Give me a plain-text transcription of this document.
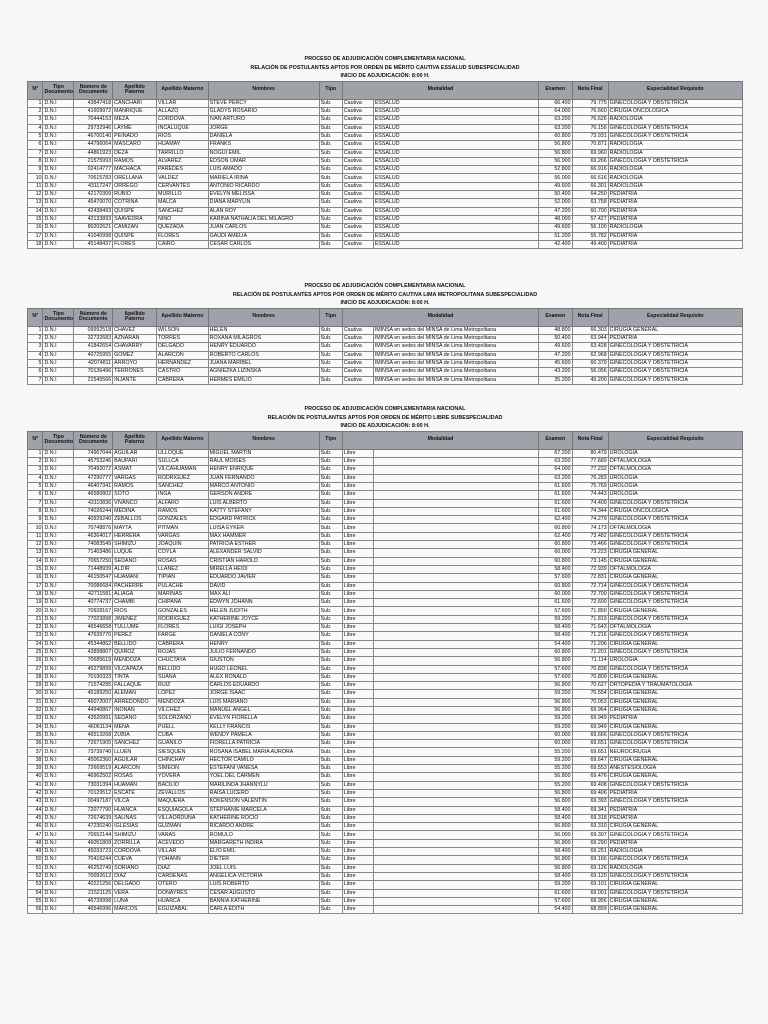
PROCESO DE ADJUDICACIÓN COMPLEMENTARIA NACIONAL
RELACIÓN DE POSTULANTES APTOS POR ORDEN DE MÉRITO CAUTIVA ESSALUD SUBESPECIALIDAD
INICIO DE ADJUDICACIÓN: 8:00 H.
N°	Tipo Documento	Número de Documento	Apellido Paterno	Apellido Materno	Nombres	Tipo	Modalidad		Examen	Nota Final	Especialidad Requisito
1	D.N.I	43847418	CANCHARI	VILLAR	STEVE PERCY	Sub.	Cautiva	ESSALUD	66.400	79.775	GINECOLOGIA Y OBSTETRICIA
2	D.N.I	41609972	MANRIQUE	ALLAZO	GLADYS ROSARIO	Sub.	Cautiva	ESSALUD	64.000	76.660	CIRUGIA ONCOLOGICA
3	D.N.I	70444153	MEZA	CORDOVA	IVAN ARTURO	Sub.	Cautiva	ESSALUD	63.200	76.626	RADIOLOGIA
4	D.N.I	29732946	LAYME	INCALUQUE	JORGE	Sub.	Cautiva	ESSALUD	63.200	76.156	GINECOLOGIA Y OBSTETRICIA
5	D.N.I	46700140	PEINADO	RIOS	DANIELA	Sub.	Cautiva	ESSALUD	60.800	73.931	GINECOLOGIA Y OBSTETRICIA
6	D.N.I	44796064	MASCARO	HUAMAY	FRANKS	Sub.	Cautiva	ESSALUD	56.800	70.871	RADIOLOGIA
7	D.N.I	44861923	DEZA	TARRILLO	NOGUI EMIL	Sub.	Cautiva	ESSALUD	56.800	69.960	RADIOLOGIA
8	D.N.I	21575993	RAMOS	ALVAREZ	EDSON OMAR	Sub.	Cautiva	ESSALUD	56.000	69.266	GINECOLOGIA Y OBSTETRICIA
9	D.N.I	02414777	MACHACA	PAREDES	LUIS AMADO	Sub.	Cautiva	ESSALUD	52.800	66.916	RADIOLOGIA
10	D.N.I	70615783	ORELLANA	VALDEZ	MARIELA IRINA	Sub.	Cautiva	ESSALUD	56.000	66.616	RADIOLOGIA
11	D.N.I	43117247	ORREGO	CERVANTES	ANTONIO RICARDO	Sub.	Cautiva	ESSALUD	49.600	66.301	RADIOLOGIA
12	D.N.I	42170309	RUBIO	MURILLO	EVELYN MELISSA	Sub.	Cautiva	ESSALUD	50.400	64.250	PEDIATRIA
13	D.N.I	45470070	COTRINA	MALCA	DIANA MARYLIN	Sub.	Cautiva	ESSALUD	52.000	63.758	PEDIATRIA
14	D.N.I	42438493	QUISPE	SANCHEZ	ALAN ROY	Sub.	Cautiva	ESSALUD	47.200	60.700	PEDIATRIA
15	D.N.I	42133893	SAAVEDRA	NIÑO	KARINA NATHALIA DEL MILAGRO	Sub.	Cautiva	ESSALUD	48.000	57.427	PEDIATRIA
16	D.N.I	80202621	CAMIZAN	QUEZADA	JUAN CARLOS	Sub.	Cautiva	ESSALUD	49.600	56.100	RADIOLOGIA
17	D.N.I	41040998	QUISPE	FLORES	GAUDI AMELIA	Sub.	Cautiva	ESSALUD	51.200	55.782	PEDIATRIA
18	D.N.I	45148437	FLORES	CAIRO	CESAR CARLOS	Sub.	Cautiva	ESSALUD	42.400	49.400	PEDIATRIA
PROCESO DE ADJUDICACIÓN COMPLEMENTARIA NACIONAL
RELACIÓN DE POSTULANTES APTOS POR ORDEN DE MÉRITO CAUTIVA LIMA METROPOLITANA SUBESPECIALIDAD
INICIO DE ADJUDICACIÓN: 8:00 H.
N°	Tipo Documento	Número de Documento	Apellido Paterno	Apellido Materno	Nombres	Tipo	Modalidad		Examen	Nota Final	Especialidad Requisito
1	D.N.I	09992518	CHAVEZ	WILSON	HELEN	Sub.	Cautiva	IMINSA en sedes del MINSA de Lima Metropolitana	48.800	66.303	CIRUGIA GENERAL
2	D.N.I	32732683	AZNARAN	TORRES	ROXANA MILAGROS	Sub.	Cautiva	IMINSA en sedes del MINSA de Lima Metropolitana	50.400	63.944	PEDIATRIA
3	D.N.I	41842654	CHAVARRY	DELGADO	HENRY EDUARDO	Sub.	Cautiva	IMINSA en sedes del MINSA de Lima Metropolitana	49.600	63.428	GINECOLOGIA Y OBSTETRICIA
4	D.N.I	40725955	GOMEZ	ALARCON	ROBERTO CARLOS	Sub.	Cautiva	IMINSA en sedes del MINSA de Lima Metropolitana	47.200	62.968	GINECOLOGIA Y OBSTETRICIA
5	D.N.I	42074811	ARROYO	HERNANDEZ	JUANA MARIBEL	Sub.	Cautiva	IMINSA en sedes del MINSA de Lima Metropolitana	45.600	60.379	GINECOLOGIA Y OBSTETRICIA
6	D.N.I	70136496	TERRONES	CASTRO	AGNIEZKA LIZINSKA	Sub.	Cautiva	IMINSA en sedes del MINSA de Lima Metropolitana	43.200	56.056	GINECOLOGIA Y OBSTETRICIA
7	D.N.I	21545566	INJANTE	CABRERA	HERMES EMILIO	Sub.	Cautiva	IMINSA en sedes del MINSA de Lima Metropolitana	35.200	45.200	GINECOLOGIA Y OBSTETRICIA
PROCESO DE ADJUDICACIÓN COMPLEMENTARIA NACIONAL
RELACIÓN DE POSTULANTES APTOS POR ORDEN DE MÉRITO LIBRE SUBESPECIALIDAD
INICIO DE ADJUDICACIÓN: 8:00 H.
N°	Tipo Documento	Número de Documento	Apellido Paterno	Apellido Materno	Nombres	Tipo	Modalidad		Examen	Nota Final	Especialidad Requisito
1	D.N.I	74967044	AGUILAR	ULLOQUE	MIGUEL MARTIN	Sub.	Libre		67.200	80.479	UROLOGIA
2	D.N.I	45753246	BAUPARI	SULLCA	RAUL MOISES	Sub.	Libre		63.200	77.689	OFTALMOLOGIA
3	D.N.I	70492072	ASMAT	VILCAHUAMAN	HENRY ENRIQUE	Sub.	Libre		64.000	77.232	OFTALMOLOGIA
4	D.N.I	47290777	VARGAS	RODRIGUEZ	JUAN FERNANDO	Sub.	Libre		63.200	76.283	UROLOGIA
5	D.N.I	46407341	RAMOS	SANCHEZ	MARCO ANTONIO	Sub.	Libre		61.600	75.769	UROLOGIA
6	D.N.I	46580802	SOTO	INGA	GERSON ANDRE	Sub.	Libre		61.600	74.443	UROLOGIA
7	D.N.I	43110836	VIVANCO	ALFARO	LUIS ALBERTO	Sub.	Libre		61.600	74.409	GINECOLOGIA Y OBSTETRICIA
8	D.N.I	74026244	MEDINA	RAMOS	KATTY STEFANY	Sub.	Libre		61.600	74.344	CIRUGIA ONCOLOGICA
9	D.N.I	40929240	ZEBALLOS	GONZALES	EDGARD PATRICK	Sub.	Libre		62.400	74.279	GINECOLOGIA Y OBSTETRICIA
10	D.N.I	70748876	MAYTA	PITMAN	LUISA EYKER	Sub.	Libre		60.800	74.173	OFTALMOLOGIA
11	D.N.I	46364017	HERRERA	VARGAS	MAX HAMMER	Sub.	Libre		62.400	73.482	GINECOLOGIA Y OBSTETRICIA
12	D.N.I	74083549	SHIMIZU	JOAQUIN	PATRICIA ESTHER	Sub.	Libre		60.800	73.466	GINECOLOGIA Y OBSTETRICIA
13	D.N.I	71403486	LUQUE	COYLA	ALEXANDER SALVID	Sub.	Libre		60.000	73.223	CIRUGIA GENERAL
14	D.N.I	70657250	SEDANO	ROSAS	CRISTIAN HAROLD	Sub.	Libre		60.800	73.145	CIRUGIA GENERAL
15	D.N.I	71448939	ALDIR	LLANEZ	MIRELLA HEIDI	Sub.	Libre		58.400	72.939	OFTALMOLOGIA
16	D.N.I	46150547	HUAMANI	TIPIAN	EDUARDO JAVIER	Sub.	Libre		57.600	72.831	CIRUGIA GENERAL
17	D.N.I	70086684	PACHERRE	PULACHE	DAVID	Sub.	Libre		60.800	72.714	GINECOLOGIA Y OBSTETRICIA
18	D.N.I	42711581	ALIAGA	MARINAS	MAX ALI	Sub.	Libre		60.000	72.700	GINECOLOGIA Y OBSTETRICIA
19	D.N.I	40774737	CHAMBI	CHIPANA	EDWYN JOHANN	Sub.	Libre		61.600	72.600	GINECOLOGIA Y OBSTETRICIA
20	D.N.I	70928167	RIOS	GONZALES	HELEN JUDITH	Sub.	Libre		57.600	71.850	CIRUGIA GENERAL
21	D.N.I	77023898	JIMENEZ	RODRIGUEZ	KATHERINE JOYCE	Sub.	Libre		59.200	71.819	GINECOLOGIA Y OBSTETRICIA
22	D.N.I	46546658	TULLUME	FLORES	LUIGI JOSEPH	Sub.	Libre		58.400	71.643	OFTALMOLOGIA
23	D.N.I	47639770	PEREZ	FARGE	DANIELA CONY	Sub.	Libre		58.400	71.216	GINECOLOGIA Y OBSTETRICIA
24	D.N.I	45344862	BELLIDO	CABRERA	HENRY	Sub.	Libre		54.400	71.206	CIRUGIA GENERAL
25	D.N.I	43898807	QUIROZ	ROJAS	JULIO FERNANDO	Sub.	Libre		60.800	71.201	GINECOLOGIA Y OBSTETRICIA
26	D.N.I	70685619	MENDOZA	CHUCTAYA	GIUSTON	Sub.	Libre		56.800	71.114	UROLOGIA
27	D.N.I	45279899	VILCAPAZA	BELLIDO	HUGO LEONEL	Sub.	Libre		57.600	70.838	GINECOLOGIA Y OBSTETRICIA
28	D.N.I	70190323	TINTA	SUAÑA	ALEX RONALD	Sub.	Libre		57.600	70.809	CIRUGIA GENERAL
29	D.N.I	71574285	FALLAQUE	RUIZ	CARLOS EDUARDO	Sub.	Libre		56.800	70.627	ORTOPEDIA Y TRAUMATOLOGIA
30	D.N.I	45189250	ALEMAN	LOPEZ	JORGE ISAAC	Sub.	Libre		59.200	70.554	CIRUGIA GENERAL
31	D.N.I	46072007	ARREDONDO	MENDOZA	LUIS MARIANO	Sub.	Libre		56.800	70.053	CIRUGIA GENERAL
32	D.N.I	44940867	INONAN	VILCHEZ	MANUEL ANGEL	Sub.	Libre		56.800	69.964	CIRUGIA GENERAL
33	D.N.I	43520991	SEDANO	SOLORZANO	EVELYN FIORELLA	Sub.	Libre		59.200	69.949	PEDIATRIA
34	D.N.I	46061134	MENA	PUELL	KELLY FRANCIS	Sub.	Libre		59.200	69.949	CIRUGIA GENERAL
35	D.N.I	46513268	ZUBIA	CUBA	WENDY PAMELA	Sub.	Libre		60.000	69.666	GINECOLOGIA Y OBSTETRICIA
36	D.N.I	72671905	SANCHEZ	GUANILO	FIORELLA PATRICIA	Sub.	Libre		60.000	69.651	GINECOLOGIA Y OBSTETRICIA
37	D.N.I	73739740	LLUEN	SIESQUEN	ROSANA ISABEL MARIA AURORA	Sub.	Libre		55.200	69.651	NEUROCIRUGIA
38	D.N.I	45062360	AGUILAR	CHINCHAY	HECTOR CAMILO	Sub.	Libre		59.200	69.647	CIRUGIA GENERAL
39	D.N.I	72669519	ALARCON	SIMEON	ESTEFANI VANESA	Sub.	Libre		55.200	69.553	ANESTESIOLOGIA
40	D.N.I	46962502	ROSAS	YOVERA	YOEL DEL CARMEN	Sub.	Libre		56.800	69.476	CIRUGIA GENERAL
41	D.N.I	73031394	HUAMAN	BACILIO	MARILINDA JHANNYLU	Sub.	Libre		55.200	69.408	GINECOLOGIA Y OBSTETRICIA
42	D.N.I	70129512	ESCATE	ZEVALLOS	RAISA LUCERO	Sub.	Libre		56.800	69.406	PEDIATRIA
43	D.N.I	00497187	VILCA	MAQUERA	KOKENSON VALENTIN	Sub.	Libre		56.800	69.393	GINECOLOGIA Y OBSTETRICIA
44	D.N.I	72077790	HUANCA	ESQUIAGOLA	STEPHANIE MARCELA	Sub.	Libre		58.400	69.341	PEDIATRIA
45	D.N.I	72674639	SALINAS	VILLAORDUÑA	KATHERINE ROCIO	Sub.	Libre		58.400	69.318	PEDIATRIA
46	D.N.I	47230240	IGLESIAS	GUZMAN	RICARDO ANDRE	Sub.	Libre		56.800	69.310	CIRUGIA GENERAL
47	D.N.I	70652144	SHIMIZU	VARAS	ROMULO	Sub.	Libre		56.000	69.307	GINECOLOGIA Y OBSTETRICIA
48	D.N.I	46051808	ZORRILLA	ACEVEDO	MARGARETH INDIRA	Sub.	Libre		56.800	69.290	PEDIATRIA
49	D.N.I	45033723	CORDOVA	VILLAR	ELIO EMIL	Sub.	Libre		58.400	69.251	RADIOLOGIA
50	D.N.I	70416244	CUEVA	YOHANN	DIETER	Sub.	Libre		56.800	69.166	GINECOLOGIA Y OBSTETRICIA
51	D.N.I	46252749	SORIANO	DIAZ	JOEL LUIS	Sub.	Libre		56.800	69.126	RADIOLOGIA
52	D.N.I	70092612	DIAZ	CARDENAS	ANGELICA VICTORIA	Sub.	Libre		58.400	69.120	GINECOLOGIA Y OBSTETRICIA
53	D.N.I	40221256	DELGADO	OTERO	LUIS ROBERTO	Sub.	Libre		59.200	69.101	CIRUGIA GENERAL
54	D.N.I	21521125	VERA	DONAYRES	CESAR AUGUSTO	Sub.	Libre		61.600	69.001	GINECOLOGIA Y OBSTETRICIA
55	D.N.I	46739998	LUNA	HUARCA	BANNIA KATHERINE	Sub.	Libre		57.600	68.956	CIRUGIA GENERAL
56	D.N.I	46546996	MARCOS	EGUIZABAL	CARLA EDITH	Sub.	Libre		54.400	68.899	CIRUGIA GENERAL
